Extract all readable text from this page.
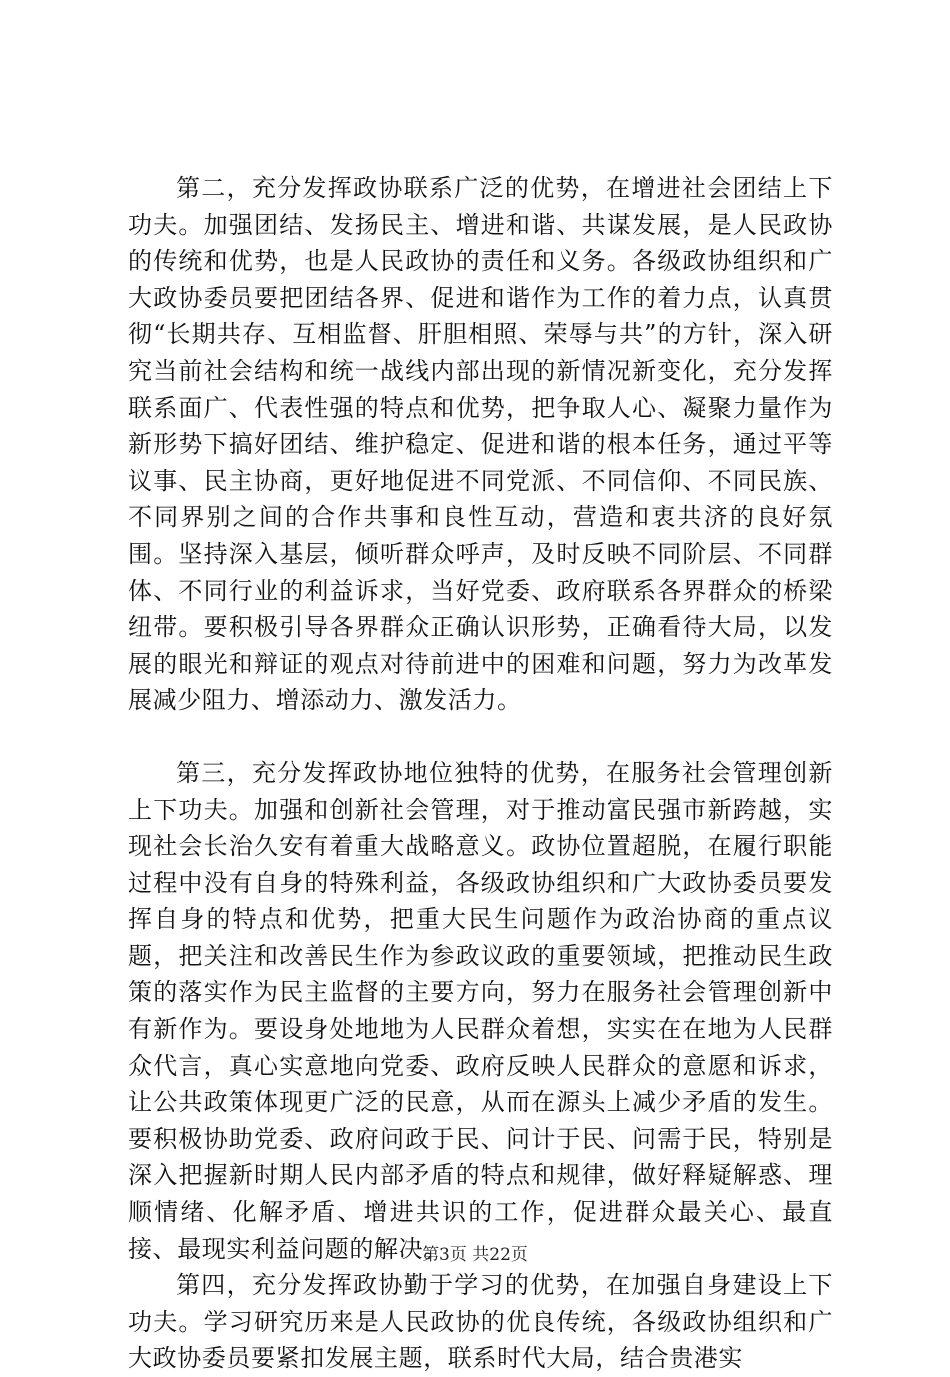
第二，充分发挥政协联系广泛的优势，在增进社会团结上下功夫。加强团结、发扬民主、增进和谐、共谋发展，是人民政协的传统和优势，也是人民政协的责任和义务。各级政协组织和广大政协委员要把团结各界、促进和谐作为工作的着力点，认真贯彻“长期共存、互相监督、肝胆相照、荣辱与共”的方针，深入研究当前社会结构和统一战线内部出现的新情况新变化，充分发挥联系面广、代表性强的特点和优势，把争取人心、凝聚力量作为新形势下搞好团结、维护稳定、促进和谐的根本任务，通过平等议事、民主协商，更好地促进不同党派、不同信仰、不同民族、不同界别之间的合作共事和良性互动，营造和衷共济的良好氛围。坚持深入基层，倾听群众呼声，及时反映不同阶层、不同群体、不同行业的利益诉求，当好党委、政府联系各界群众的桥梁纽带。要积极引导各界群众正确认识形势，正确看待大局，以发展的眼光和辩证的观点对待前进中的困难和问题，努力为改革发展减少阻力、增添动力、激发活力。

第三，充分发挥政协地位独特的优势，在服务社会管理创新上下功夫。加强和创新社会管理，对于推动富民强市新跨越，实现社会长治久安有着重大战略意义。政协位置超脱，在履行职能过程中没有自身的特殊利益，各级政协组织和广大政协委员要发挥自身的特点和优势，把重大民生问题作为政治协商的重点议题，把关注和改善民生作为参政议政的重要领域，把推动民生政策的落实作为民主监督的主要方向，努力在服务社会管理创新中有新作为。要设身处地地为人民群众着想，实实在在地为人民群众代言，真心实意地向党委、政府反映人民群众的意愿和诉求，让公共政策体现更广泛的民意，从而在源头上减少矛盾的发生。要积极协助党委、政府问政于民、问计于民、问需于民，特别是深入把握新时期人民内部矛盾的特点和规律，做好释疑解惑、理顺情绪、化解矛盾、增进共识的工作，促进群众最关心、最直接、最现实利益问题的解决。

第四，充分发挥政协勤于学习的优势，在加强自身建设上下功夫。学习研究历来是人民政协的优良传统，各级政协组织和广大政协委员要紧扣发展主题，联系时代大局，结合贵港实

第3页 共22页
